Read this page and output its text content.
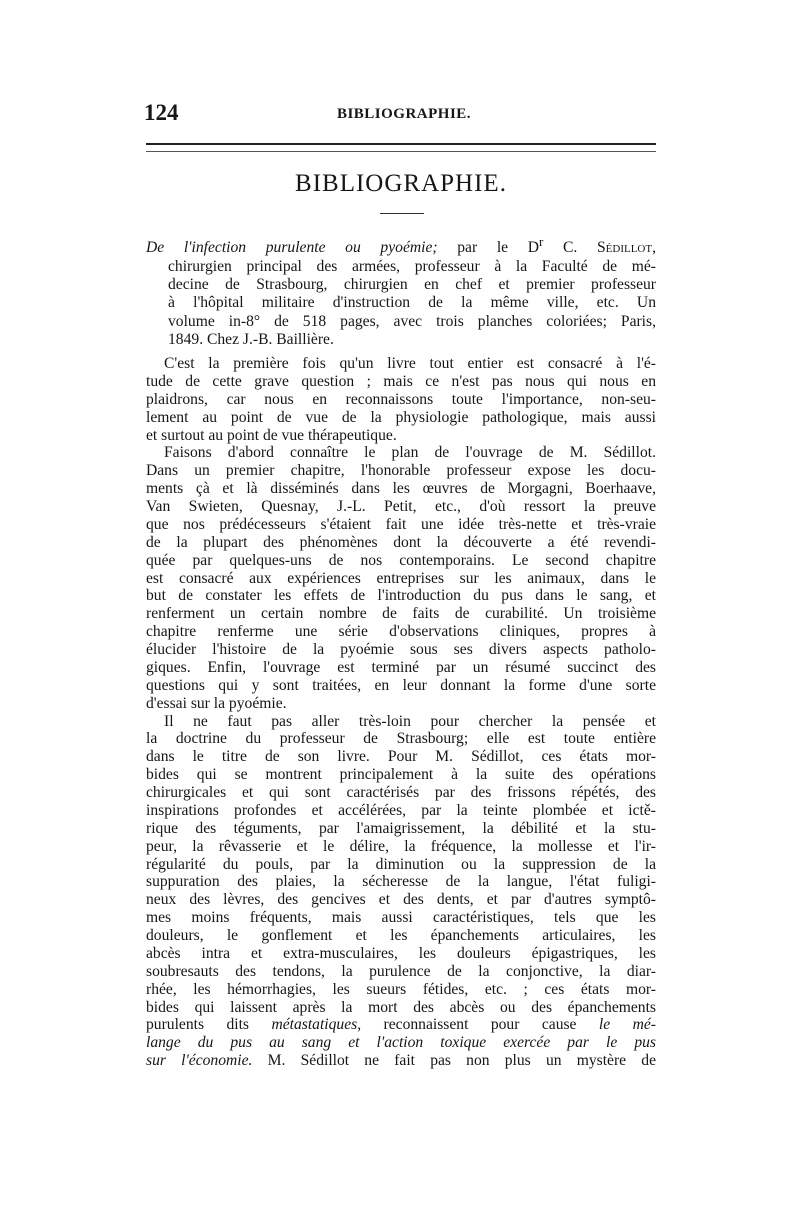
124	BIBLIOGRAPHIE.
BIBLIOGRAPHIE.
De l'infection purulente ou pyoémie; par le $D^r$ C. Sédillot,
chirurgien principal des armées, professeur à la Faculté de mé-
decine de Strasbourg, chirurgien en chef et premier professeur
à l'hôpital militaire d'instruction de la même ville, etc. Un
volume in-8° de 518 pages, avec trois planches coloriées; Paris,
1849. Chez J.-B. Baillière.
C'est la première fois qu'un livre tout entier est consacré à l'é-
tude de cette grave question ; mais ce n'est pas nous qui nous en
plaidrons, car nous en reconnaissons toute l'importance, non-seu-
lement au point de vue de la physiologie pathologique, mais aussi
et surtout au point de vue thérapeutique.
Faisons d'abord connaître le plan de l'ouvrage de M. Sédillot.
Dans un premier chapitre, l'honorable professeur expose les docu-
ments çà et là disséminés dans les œuvres de Morgagni, Boerhaave,
Van Swieten, Quesnay, J.-L. Petit, etc., d'où ressort la preuve
que nos prédécesseurs s'étaient fait une idée très-nette et très-vraie
de la plupart des phénomènes dont la découverte a été revendi-
quée par quelques-uns de nos contemporains. Le second chapitre
est consacré aux expériences entreprises sur les animaux, dans le
but de constater les effets de l'introduction du pus dans le sang, et
renferment un certain nombre de faits de curabilité. Un troisième
chapitre renferme une série d'observations cliniques, propres à
élucider l'histoire de la pyoémie sous ses divers aspects patholo-
giques. Enfin, l'ouvrage est terminé par un résumé succinct des
questions qui y sont traitées, en leur donnant la forme d'une sorte
d'essai sur la pyoémie.
Il ne faut pas aller très-loin pour chercher la pensée et
la doctrine du professeur de Strasbourg; elle est toute entière
dans le titre de son livre. Pour M. Sédillot, ces états mor-
bides qui se montrent principalement à la suite des opérations
chirurgicales et qui sont caractérisés par des frissons répétés, des
inspirations profondes et accélérées, par la teinte plombée et ictě-
rique des téguments, par l'amaigrissement, la débilité et la stu-
peur, la rêvasserie et le délire, la fréquence, la mollesse et l'ir-
régularité du pouls, par la diminution ou la suppression de la
suppuration des plaies, la sécheresse de la langue, l'état fuligi-
neux des lèvres, des gencives et des dents, et par d'autres symptô-
mes moins fréquents, mais aussi caractéristiques, tels que les
douleurs, le gonflement et les épanchements articulaires, les
abcès intra et extra-musculaires, les douleurs épigastriques, les
soubresauts des tendons, la purulence de la conjonctive, la diar-
rhée, les hémorrhagies, les sueurs fétides, etc. ; ces états mor-
bides qui laissent après la mort des abcès ou des épanchements
purulents dits métastatiques, reconnaissent pour cause le mé-
lange du pus au sang et l'action toxique exercée par le pus
sur l'économie. M. Sédillot ne fait pas non plus un mystère de
